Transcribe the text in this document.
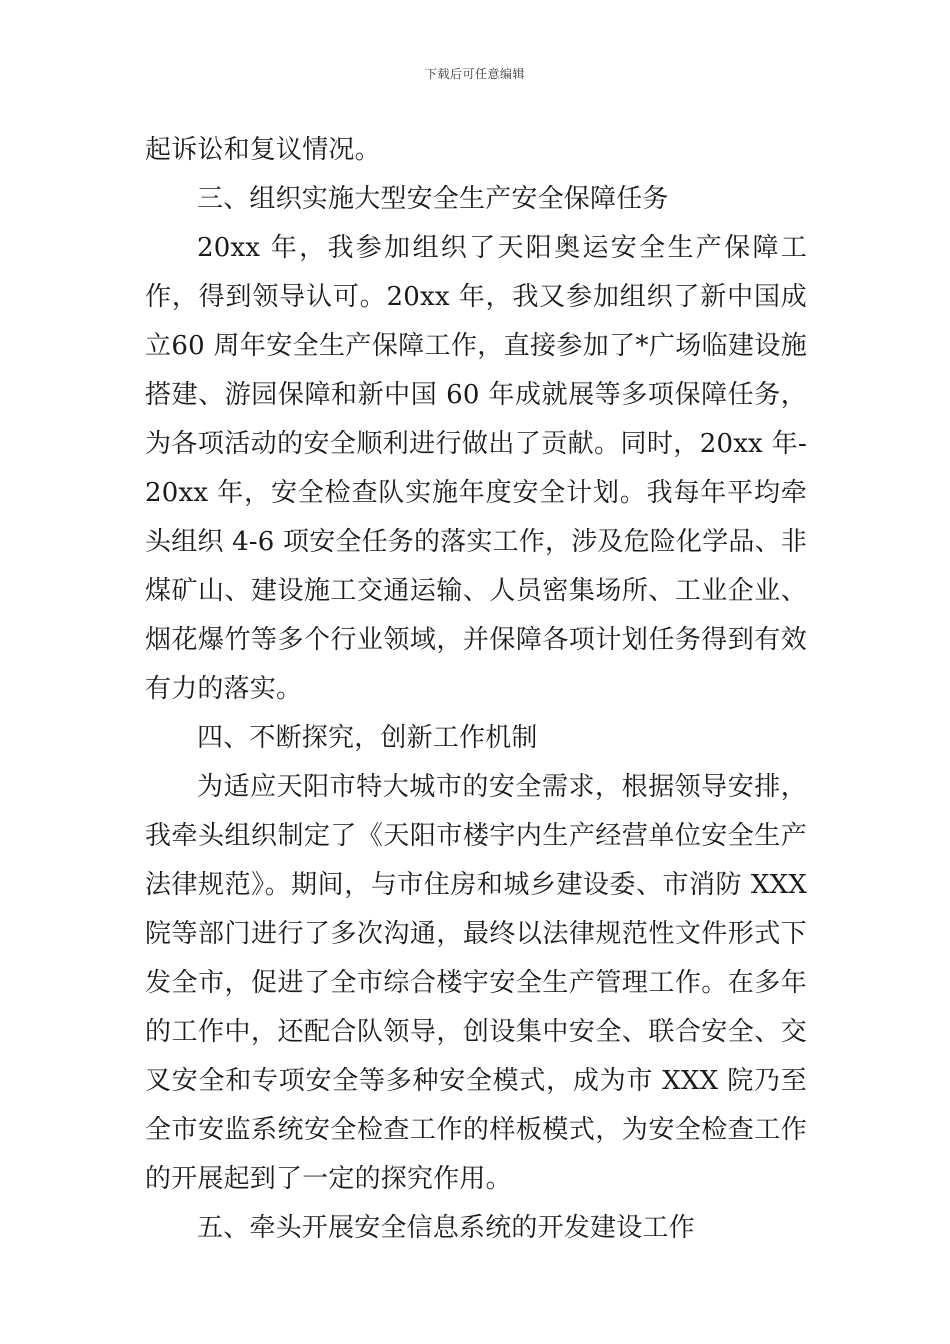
下载后可任意编辑

起诉讼和复议情况。

三、组织实施大型安全生产安全保障任务

20xx 年，我参加组织了天阳奥运安全生产保障工作，得到领导认可。20xx 年，我又参加组织了新中国成立60 周年安全生产保障工作，直接参加了*广场临建设施搭建、游园保障和新中国 60 年成就展等多项保障任务，为各项活动的安全顺利进行做出了贡献。同时，20xx 年-20xx 年，安全检查队实施年度安全计划。我每年平均牵头组织 4-6 项安全任务的落实工作，涉及危险化学品、非煤矿山、建设施工交通运输、人员密集场所、工业企业、烟花爆竹等多个行业领域，并保障各项计划任务得到有效有力的落实。

四、不断探究，创新工作机制

为适应天阳市特大城市的安全需求，根据领导安排，我牵头组织制定了《天阳市楼宇内生产经营单位安全生产法律规范》。期间，与市住房和城乡建设委、市消防 XXX 院等部门进行了多次沟通，最终以法律规范性文件形式下发全市，促进了全市综合楼宇安全生产管理工作。在多年的工作中，还配合队领导，创设集中安全、联合安全、交叉安全和专项安全等多种安全模式，成为市 XXX 院乃至全市安监系统安全检查工作的样板模式，为安全检查工作的开展起到了一定的探究作用。

五、牵头开展安全信息系统的开发建设工作
